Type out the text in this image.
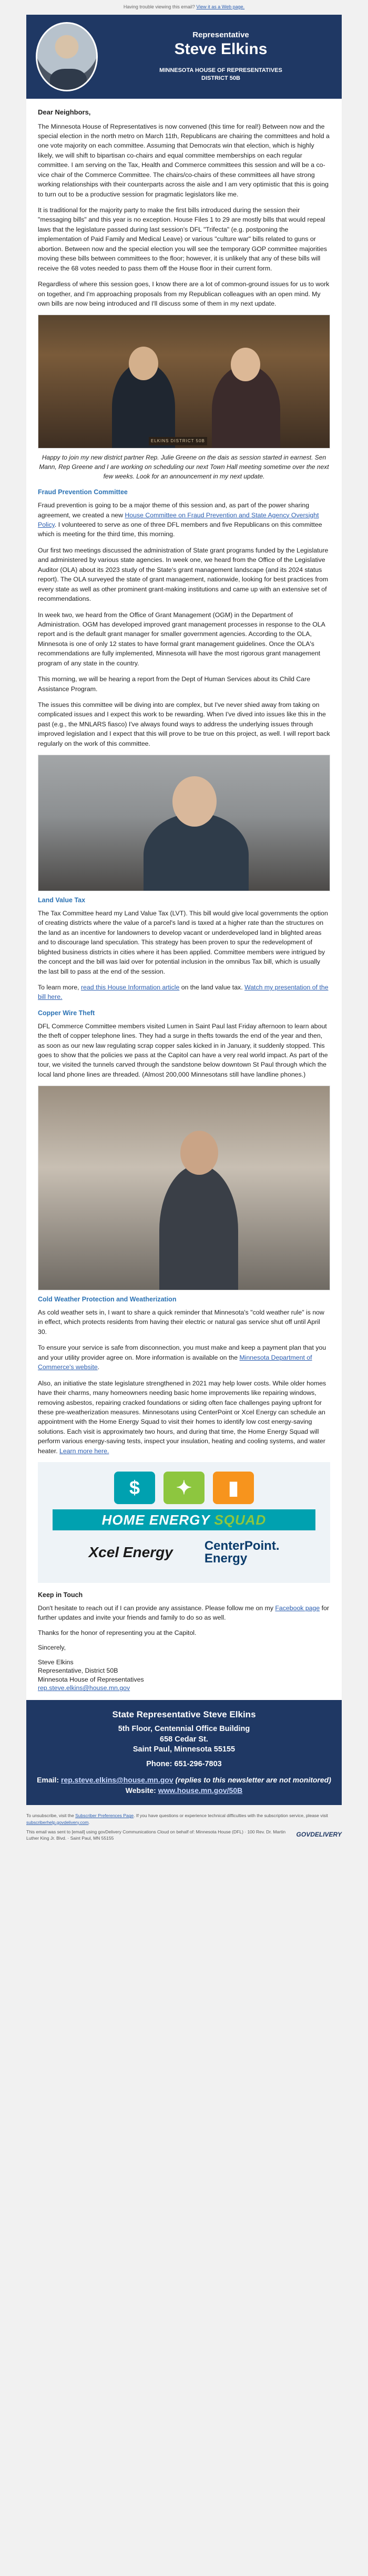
Having trouble viewing this email? View it as a Web page.
Representative
Steve Elkins
MINNESOTA HOUSE OF REPRESENTATIVES
DISTRICT 50B

Dear Neighbors,

The Minnesota House of Representatives is now convened (this time for real!) Between now and the special election in the north metro on March 11th, Republicans are chairing the committees and hold a one vote majority on each committee. Assuming that Democrats win that election, which is highly likely, we will shift to bipartisan co-chairs and equal committee memberships on each regular committee. I am serving on the Tax, Health and Commerce committees this session and will be a co-vice chair of the Commerce Committee. The chairs/co-chairs of these committees all have strong working relationships with their counterparts across the aisle and I am very optimistic that this is going to turn out to be a productive session for pragmatic legislators like me.

It is traditional for the majority party to make the first bills introduced during the session their "messaging bills" and this year is no exception. House Files 1 to 29 are mostly bills that would repeal laws that the legislature passed during last session's DFL "Trifecta" (e.g. postponing the implementation of Paid Family and Medical Leave) or various "culture war" bills related to guns or abortion. Between now and the special election you will see the temporary GOP committee majorities moving these bills between committees to the floor; however, it is unlikely that any of these bills will receive the 68 votes needed to pass them off the House floor in their current form.

Regardless of where this session goes, I know there are a lot of common-ground issues for us to work on together, and I'm approaching proposals from my Republican colleagues with an open mind. My own bills are now being introduced and I'll discuss some of them in my next update.

ELKINS DISTRICT 50B

Happy to join my new district partner Rep. Julie Greene on the dais as session started in earnest. Sen Mann, Rep Greene and I are working on scheduling our next Town Hall meeting sometime over the next few weeks. Look for an announcement in my next update.

Fraud Prevention Committee

Fraud prevention is going to be a major theme of this session and, as part of the power sharing agreement, we created a new House Committee on Fraud Prevention and State Agency Oversight Policy. I volunteered to serve as one of three DFL members and five Republicans on this committee which is meeting for the third time, this morning.

Our first two meetings discussed the administration of State grant programs funded by the Legislature and administered by various state agencies. In week one, we heard from the Office of the Legislative Auditor (OLA) about its 2023 study of the State's grant management landscape (and its 2024 status report). The OLA surveyed the state of grant management, nationwide, looking for best practices from every state as well as other prominent grant-making institutions and came up with an extensive set of recommendations.

In week two, we heard from the Office of Grant Management (OGM) in the Department of Administration. OGM has developed improved grant management processes in response to the OLA report and is the default grant manager for smaller government agencies. According to the OLA, Minnesota is one of only 12 states to have formal grant management guidelines. Once the OLA's recommendations are fully implemented, Minnesota will have the most rigorous grant management program of any state in the country.

This morning, we will be hearing a report from the Dept of Human Services about its Child Care Assistance Program.

The issues this committee will be diving into are complex, but I've never shied away from taking on complicated issues and I expect this work to be rewarding. When I've dived into issues like this in the past (e.g., the MNLARS fiasco) I've always found ways to address the underlying issues through improved legislation and I expect that this will prove to be true on this project, as well. I will report back regularly on the work of this committee.

Land Value Tax

The Tax Committee heard my Land Value Tax (LVT). This bill would give local governments the option of creating districts where the value of a parcel's land is taxed at a higher rate than the structures on the land as an incentive for landowners to develop vacant or underdeveloped land in blighted areas and to discourage land speculation. This strategy has been proven to spur the redevelopment of blighted business districts in cities where it has been applied. Committee members were intrigued by the concept and the bill was laid over for potential inclusion in the omnibus Tax bill, which is usually the last bill to pass at the end of the session.

To learn more, read this House Information article on the land value tax. Watch my presentation of the bill here.

Copper Wire Theft

DFL Commerce Committee members visited Lumen in Saint Paul last Friday afternoon to learn about the theft of copper telephone lines. They had a surge in thefts towards the end of the year and then, as soon as our new law regulating scrap copper sales kicked in in January, it suddenly stopped. This goes to show that the policies we pass at the Capitol can have a very real world impact. As part of the tour, we visited the tunnels carved through the sandstone below downtown St Paul through which the local land phone lines are threaded. (Almost 200,000 Minnesotans still have landline phones.)

Cold Weather Protection and Weatherization

As cold weather sets in, I want to share a quick reminder that Minnesota's "cold weather rule" is now in effect, which protects residents from having their electric or natural gas service shut off until April 30.

To ensure your service is safe from disconnection, you must make and keep a payment plan that you and your utility provider agree on. More information is available on the Minnesota Department of Commerce's website.

Also, an initiative the state legislature strengthened in 2021 may help lower costs. While older homes have their charms, many homeowners needing basic home improvements like repairing windows, removing asbestos, repairing cracked foundations or siding often face challenges paying upfront for these pre-weatherization measures. Minnesotans using CenterPoint or Xcel Energy can schedule an appointment with the Home Energy Squad to visit their homes to identify low cost energy-saving solutions. Each visit is approximately two hours, and during that time, the Home Energy Squad will perform various energy-saving tests, inspect your insulation, heating and cooling systems, and water heater. Learn more here.

$	✦	▮
HOME ENERGY SQUAD
Xcel Energy	CenterPoint.
Energy
Keep in Touch

Don't hesitate to reach out if I can provide any assistance. Please follow me on my Facebook page for further updates and invite your friends and family to do so as well.

Thanks for the honor of representing you at the Capitol.

Sincerely,

Steve Elkins
Representative, District 50B
Minnesota House of Representatives
rep.steve.elkins@house.mn.gov
State Representative Steve Elkins
5th Floor, Centennial Office Building
658 Cedar St.
Saint Paul, Minnesota 55155
Phone: 651-296-7803
Email: rep.steve.elkins@house.mn.gov (replies to this newsletter are not monitored)
Website: www.house.mn.gov/50B
To unsubscribe, visit the Subscriber Preferences Page. If you have questions or experience technical difficulties with the subscription service, please visit subscriberhelp.govdelivery.com.
This email was sent to [email] using govDelivery Communications Cloud on behalf of: Minnesota House (DFL) · 100 Rev. Dr. Martin Luther King Jr. Blvd. · Saint Paul, MN 55155	GOVDELIVERY
